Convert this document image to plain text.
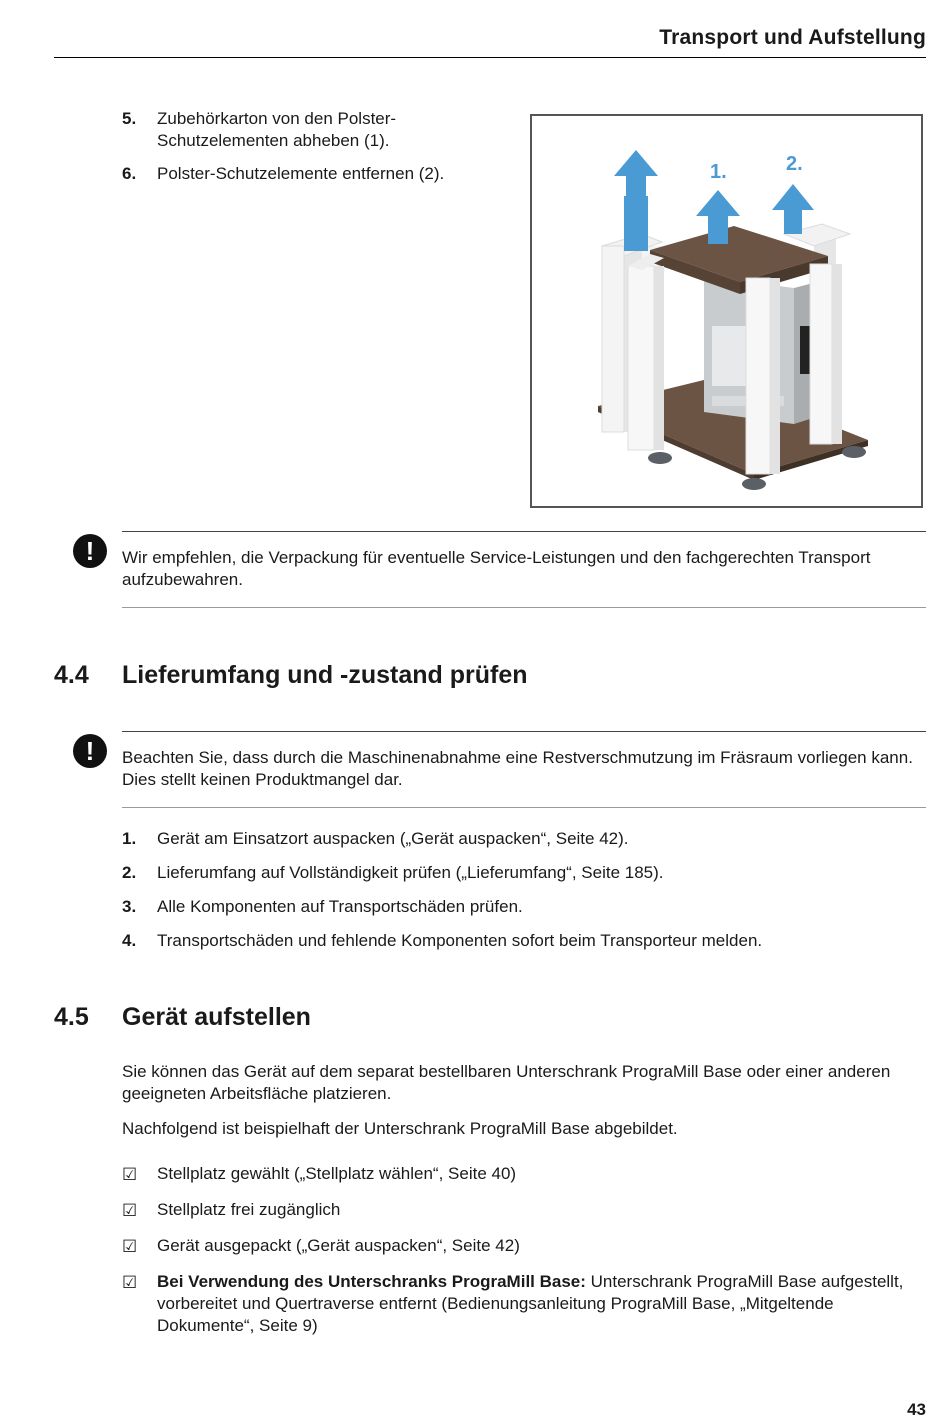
Transport und Aufstellung
5. Zubehörkarton von den Polster-Schutzelementen abheben (1).
6. Polster-Schutzelemente entfernen (2).	2.	1.	2.
!	Wir empfehlen, die Verpackung für eventuelle Service-Leistungen und den fachgerechten Transport aufzubewahren.
4.4 Lieferumfang und -zustand prüfen
!	Beachten Sie, dass durch die Maschinenabnahme eine Restverschmutzung im Fräsraum vorliegen kann. Dies stellt keinen Produktmangel dar.
1. Gerät am Einsatzort auspacken („Gerät auspacken“, Seite 42).
2. Lieferumfang auf Vollständigkeit prüfen („Lieferumfang“, Seite 185).
3. Alle Komponenten auf Transportschäden prüfen.
4. Transportschäden und fehlende Komponenten sofort beim Transporteur melden.
4.5 Gerät aufstellen
Sie können das Gerät auf dem separat bestellbaren Unterschrank PrograMill Base oder einer anderen geeigneten Arbeitsfläche platzieren.
Nachfolgend ist beispielhaft der Unterschrank PrograMill Base abgebildet.
☑ Stellplatz gewählt („Stellplatz wählen“, Seite 40)
☑ Stellplatz frei zugänglich
☑ Gerät ausgepackt („Gerät auspacken“, Seite 42)
☑ Bei Verwendung des Unterschranks PrograMill Base: Unterschrank PrograMill Base aufgestellt, vorbereitet und Quertraverse entfernt (Bedienungsanleitung PrograMill Base, „Mitgeltende Dokumente“, Seite 9)
43
